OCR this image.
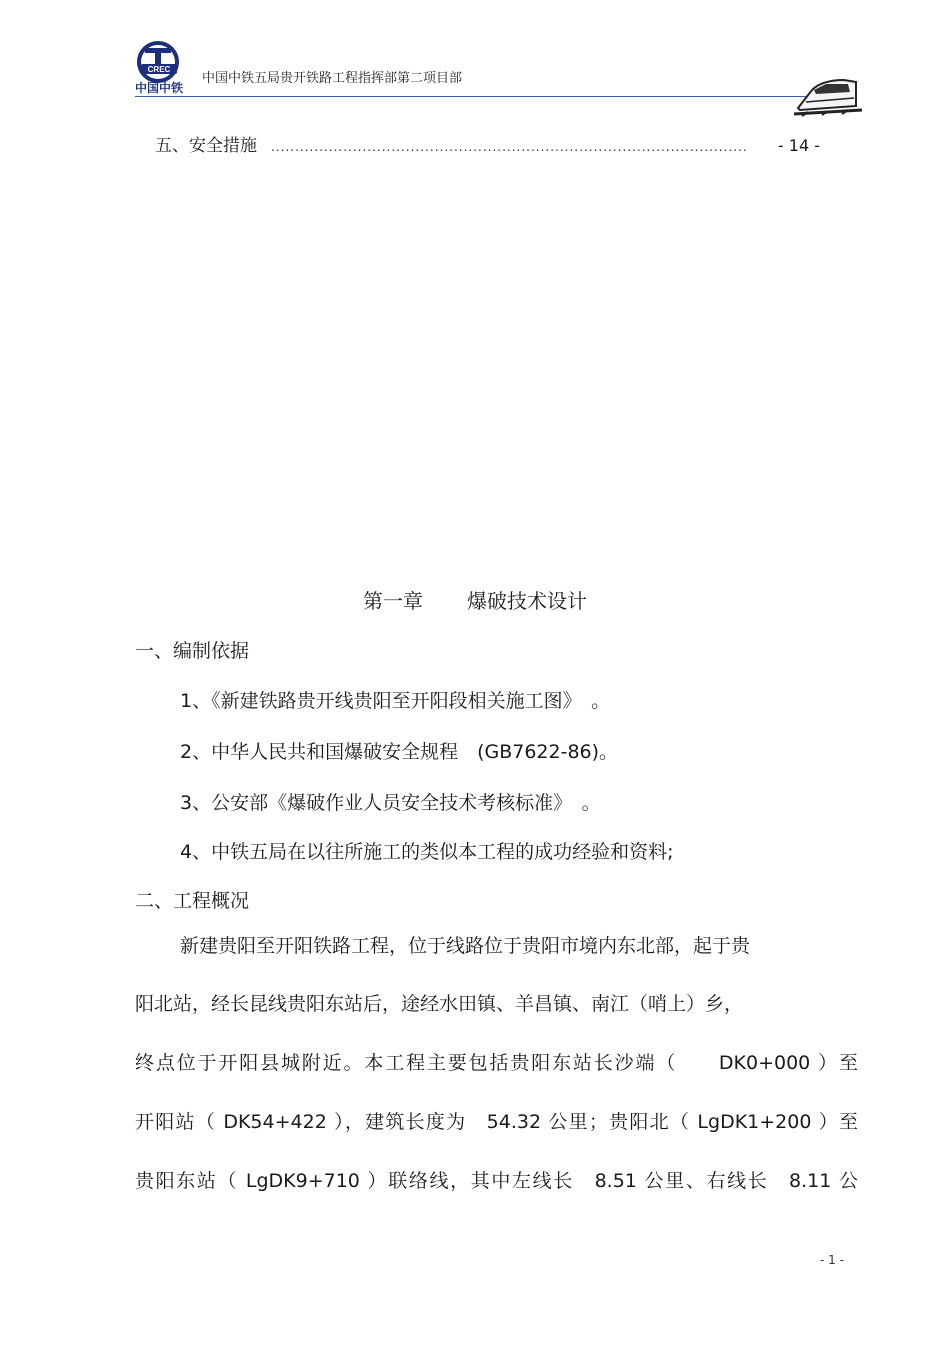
CREC
中国中铁
中国中铁五局贵开铁路工程指挥部第二项目部
五、安全措施 ...................................................................................................	- 14 -
第一章 爆破技术设计
一、编制依据
1、《新建铁路贵开线贵阳至开阳段相关施工图》　。
2、中华人民共和国爆破安全规程　(GB7622-86)。
3、公安部《爆破作业人员安全技术考核标准》　。
4、中铁五局在以往所施工的类似本工程的成功经验和资料;
二、工程概况
新建贵阳至开阳铁路工程，位于线路位于贵阳市境内东北部，起于贵
阳北站，经长昆线贵阳东站后，途经水田镇、羊昌镇、南江（哨上）乡，
终点位于开阳县城附近。本工程主要包括贵阳东站长沙端（　　DK0+000 ）至
开阳站（ DK54+422 ），建筑长度为　54.32 公里；贵阳北（ LgDK1+200 ）至
贵阳东站（ LgDK9+710 ）联络线，其中左线长　8.51 公里、右线长　8.11 公
- 1 -
